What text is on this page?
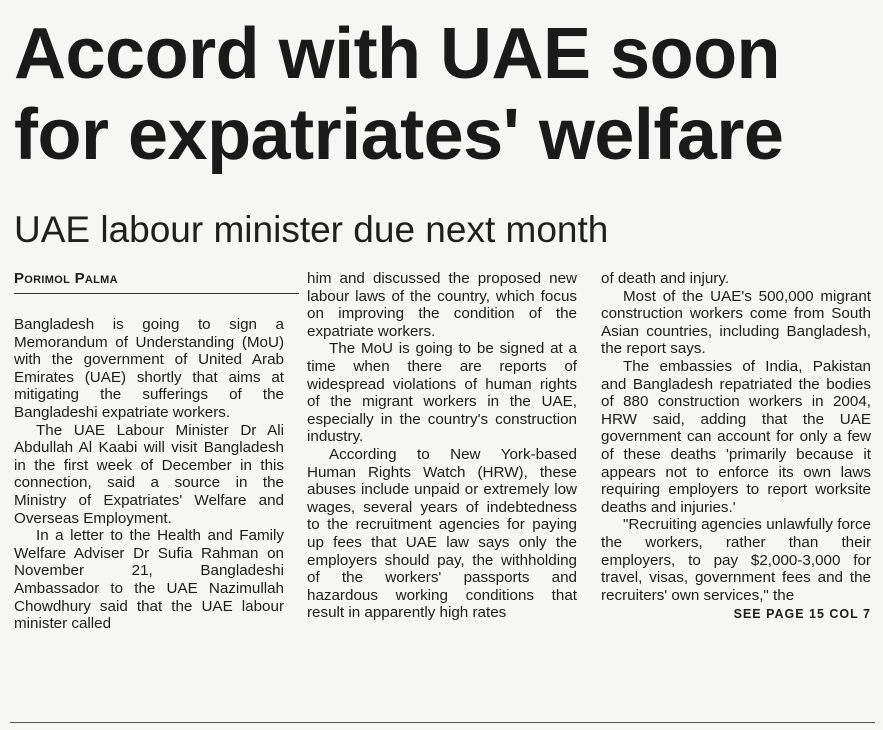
Accord with UAE soon
for expatriates' welfare
UAE labour minister due next month
Porimol Palma

Bangladesh is going to sign a Memorandum of Understanding (MoU) with the government of United Arab Emirates (UAE) shortly that aims at mitigating the sufferings of the Bangladeshi expatriate workers.

The UAE Labour Minister Dr Ali Abdullah Al Kaabi will visit Bangladesh in the first week of December in this connection, said a source in the Ministry of Expatriates' Welfare and Overseas Employment.

In a letter to the Health and Family Welfare Adviser Dr Sufia Rahman on November 21, Bangladeshi Ambassador to the UAE Nazimullah Chowdhury said that the UAE labour minister called

him and discussed the proposed new labour laws of the country, which focus on improving the condition of the expatriate workers.

The MoU is going to be signed at a time when there are reports of widespread violations of human rights of the migrant workers in the UAE, especially in the country's construction industry.

According to New York-based Human Rights Watch (HRW), these abuses include unpaid or extremely low wages, several years of indebtedness to the recruitment agencies for paying up fees that UAE law says only the employers should pay, the withholding of the workers' passports and hazardous working conditions that result in apparently high rates

of death and injury.

Most of the UAE's 500,000 migrant construction workers come from South Asian countries, including Bangladesh, the report says.

The embassies of India, Pakistan and Bangladesh repatriated the bodies of 880 construction workers in 2004, HRW said, adding that the UAE government can account for only a few of these deaths 'primarily because it appears not to enforce its own laws requiring employers to report worksite deaths and injuries.'

"Recruiting agencies unlawfully force the workers, rather than their employers, to pay $2,000-3,000 for travel, visas, government fees and the recruiters' own services," the

SEE PAGE 15 COL 7
